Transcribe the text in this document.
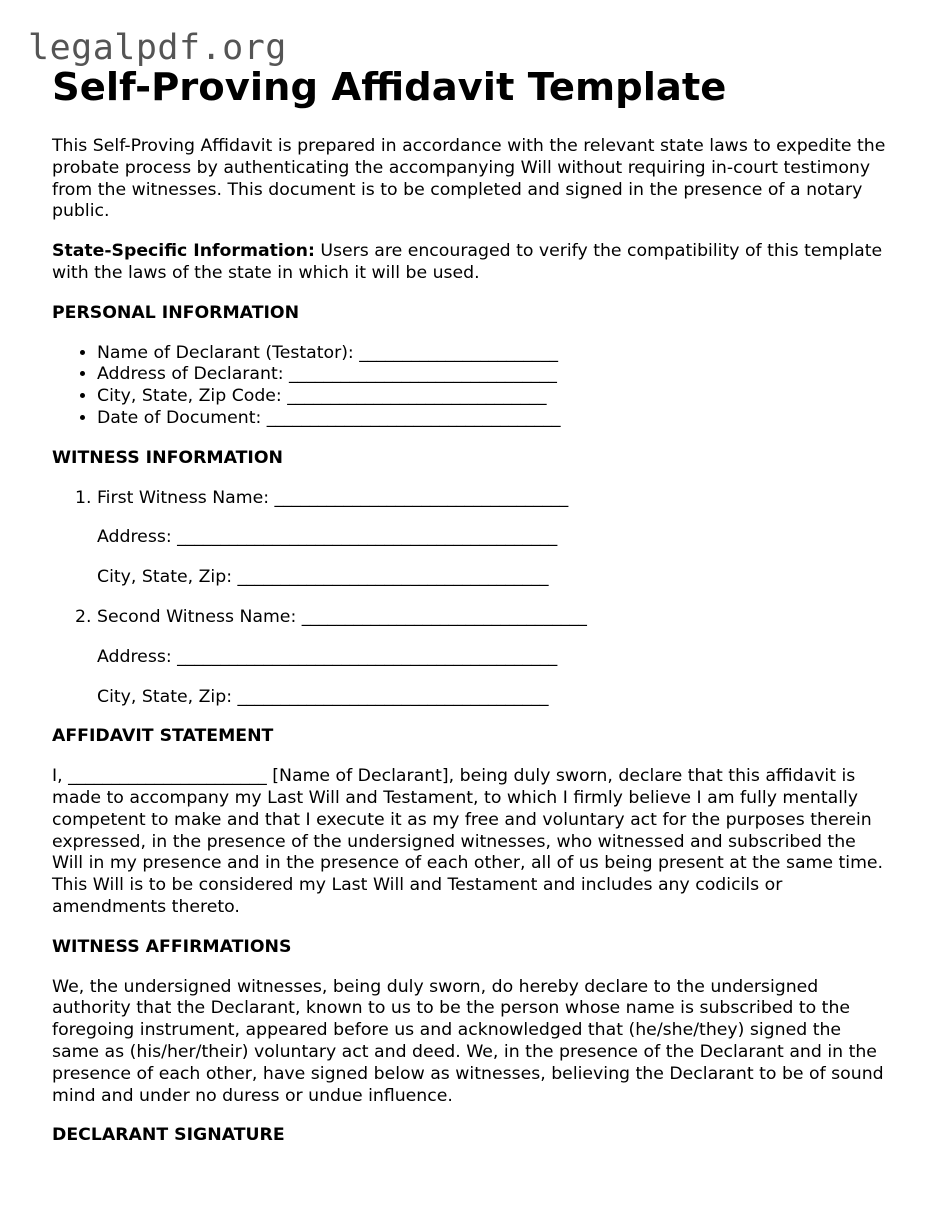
legalpdf.org
Self-Proving Affidavit Template

This Self-Proving Affidavit is prepared in accordance with the relevant state laws to expedite the probate process by authenticating the accompanying Will without requiring in-court testimony from the witnesses. This document is to be completed and signed in the presence of a notary public.

State-Specific Information: Users are encouraged to verify the compatibility of this template with the laws of the state in which it will be used.

PERSONAL INFORMATION
• Name of Declarant (Testator): _______________________
• Address of Declarant: _______________________________
• City, State, Zip Code: ______________________________
• Date of Document: __________________________________
WITNESS INFORMATION
1. First Witness Name: __________________________________
Address: ____________________________________________
City, State, Zip: ____________________________________
2. Second Witness Name: _________________________________
Address: ____________________________________________
City, State, Zip: ____________________________________
AFFIDAVIT STATEMENT

I, _______________________ [Name of Declarant], being duly sworn, declare that this affidavit is made to accompany my Last Will and Testament, to which I firmly believe I am fully mentally competent to make and that I execute it as my free and voluntary act for the purposes therein expressed, in the presence of the undersigned witnesses, who witnessed and subscribed the Will in my presence and in the presence of each other, all of us being present at the same time. This Will is to be considered my Last Will and Testament and includes any codicils or amendments thereto.

WITNESS AFFIRMATIONS

We, the undersigned witnesses, being duly sworn, do hereby declare to the undersigned authority that the Declarant, known to us to be the person whose name is subscribed to the foregoing instrument, appeared before us and acknowledged that (he/she/they) signed the same as (his/her/their) voluntary act and deed. We, in the presence of the Declarant and in the presence of each other, have signed below as witnesses, believing the Declarant to be of sound mind and under no duress or undue influence.

DECLARANT SIGNATURE
